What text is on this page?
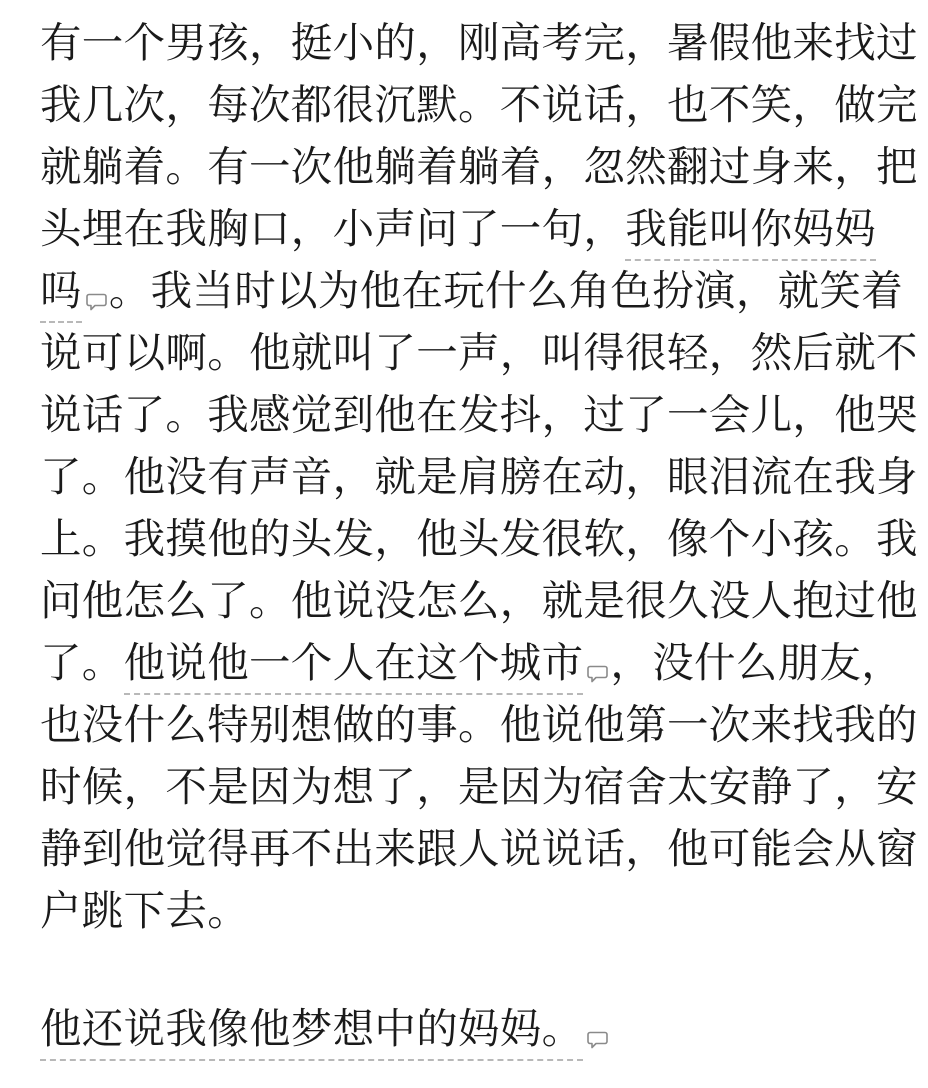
有一个男孩，挺小的，刚高考完，暑假他来找过
我几次，每次都很沉默。不说话，也不笑，做完
就躺着。有一次他躺着躺着，忽然翻过身来，把
头埋在我胸口，小声问了一句，我能叫你妈妈
吗 。我当时以为他在玩什么角色扮演，就笑着
说可以啊。他就叫了一声，叫得很轻，然后就不
说话了。我感觉到他在发抖，过了一会儿，他哭
了。他没有声音，就是肩膀在动，眼泪流在我身
上。我摸他的头发，他头发很软，像个小孩。我
问他怎么了。他说没怎么，就是很久没人抱过他
了。他说他一个人在这个城市 ，没什么朋友，
也没什么特别想做的事。他说他第一次来找我的
时候，不是因为想了，是因为宿舍太安静了，安
静到他觉得再不出来跟人说说话，他可能会从窗
户跳下去。
他还说我像他梦想中的妈妈。
